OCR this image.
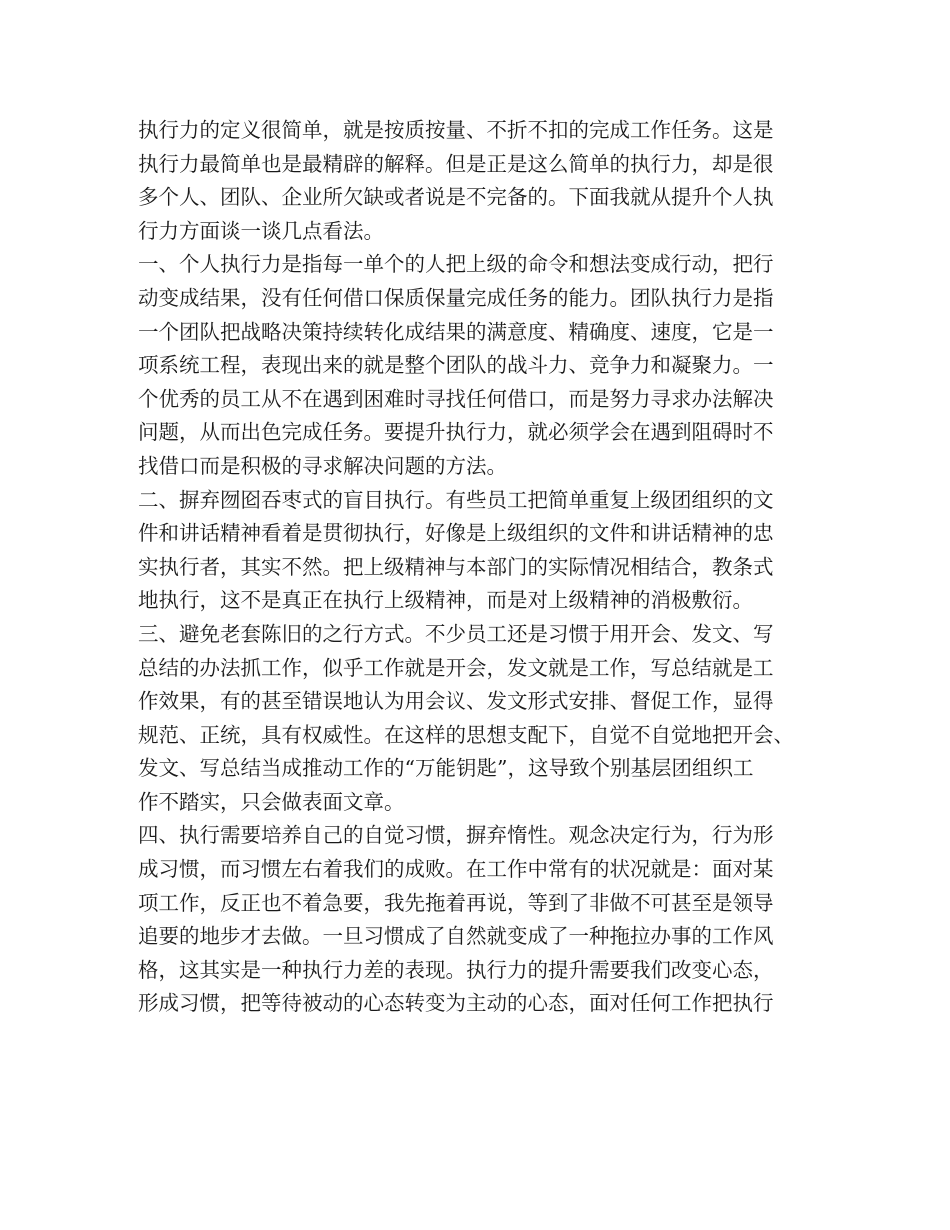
执行力的定义很简单，就是按质按量、不折不扣的完成工作任务。这是
执行力最简单也是最精辟的解释。但是正是这么简单的执行力，却是很
多个人、团队、企业所欠缺或者说是不完备的。下面我就从提升个人执
行力方面谈一谈几点看法。
一、个人执行力是指每一单个的人把上级的命令和想法变成行动，把行
动变成结果，没有任何借口保质保量完成任务的能力。团队执行力是指
一个团队把战略决策持续转化成结果的满意度、精确度、速度，它是一
项系统工程，表现出来的就是整个团队的战斗力、竞争力和凝聚力。一
个优秀的员工从不在遇到困难时寻找任何借口，而是努力寻求办法解决
问题，从而出色完成任务。要提升执行力，就必须学会在遇到阻碍时不
找借口而是积极的寻求解决问题的方法。
二、摒弃囫囵吞枣式的盲目执行。有些员工把简单重复上级团组织的文
件和讲话精神看着是贯彻执行，好像是上级组织的文件和讲话精神的忠
实执行者，其实不然。把上级精神与本部门的实际情况相结合，教条式
地执行，这不是真正在执行上级精神，而是对上级精神的消极敷衍。
三、避免老套陈旧的之行方式。不少员工还是习惯于用开会、发文、写
总结的办法抓工作，似乎工作就是开会，发文就是工作，写总结就是工
作效果，有的甚至错误地认为用会议、发文形式安排、督促工作，显得
规范、正统，具有权威性。在这样的思想支配下，自觉不自觉地把开会、
发文、写总结当成推动工作的“万能钥匙”，这导致个别基层团组织工
作不踏实，只会做表面文章。
四、执行需要培养自己的自觉习惯，摒弃惰性。观念决定行为，行为形
成习惯，而习惯左右着我们的成败。在工作中常有的状况就是：面对某
项工作，反正也不着急要，我先拖着再说，等到了非做不可甚至是领导
追要的地步才去做。一旦习惯成了自然就变成了一种拖拉办事的工作风
格，这其实是一种执行力差的表现。执行力的提升需要我们改变心态，
形成习惯，把等待被动的心态转变为主动的心态，面对任何工作把执行
